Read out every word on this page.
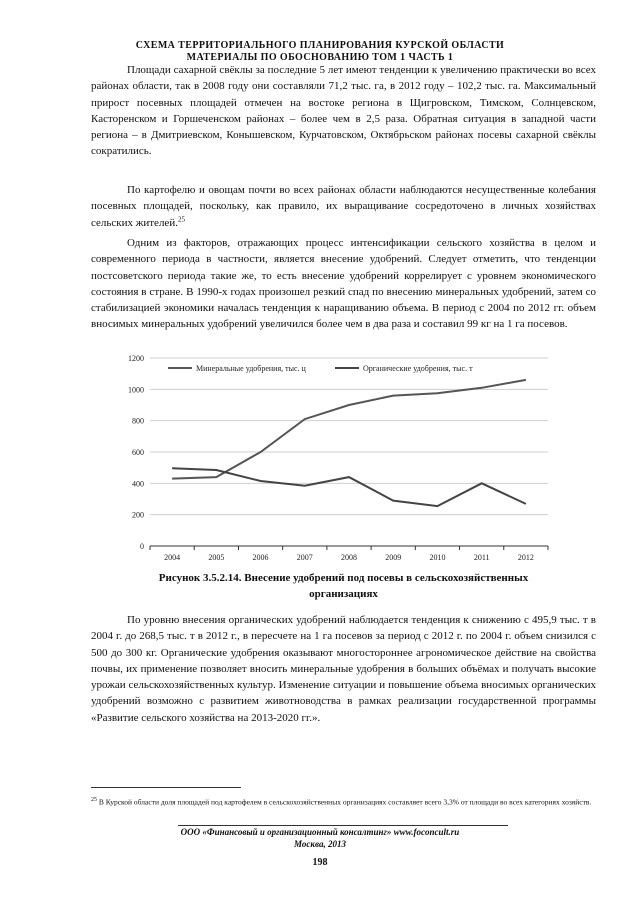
СХЕМА ТЕРРИТОРИАЛЬНОГО ПЛАНИРОВАНИЯ КУРСКОЙ ОБЛАСТИ
МАТЕРИАЛЫ ПО ОБОСНОВАНИЮ ТОМ 1 ЧАСТЬ 1

Площади сахарной свёклы за последние 5 лет имеют тенденции к увеличению практически во всех районах области, так в 2008 году они составляли 71,2 тыс. га, в 2012 году – 102,2 тыс. га. Максимальный прирост посевных площадей отмечен на востоке региона в Щигровском, Тимском, Солнцевском, Касторенском и Горшеченском районах – более чем в 2,5 раза. Обратная ситуация в западной части региона – в Дмитриевском, Конышевском, Курчатовском, Октябрьском районах посевы сахарной свёклы сократились.

По картофелю и овощам почти во всех районах области наблюдаются несущественные колебания посевных площадей, поскольку, как правило, их выращивание сосредоточено в личных хозяйствах сельских жителей.$^{25}$

Одним из факторов, отражающих процесс интенсификации сельского хозяйства в целом и современного периода в частности, является внесение удобрений. Следует отметить, что тенденции постсоветского периода такие же, то есть внесение удобрений коррелирует с уровнем экономического состояния в стране. В 1990-х годах произошел резкий спад по внесению минеральных удобрений, затем со стабилизацией экономики началась тенденция к наращиванию объема. В период с 2004 по 2012 гг. объем вносимых минеральных удобрений увеличился более чем в два раза и составил 99 кг на 1 га посевов.

0
200
400
600
800
1000
1200
2004	2005	2006	2007	2008	2009	2010	2011	2012
Минеральные удобрения, тыс. ц	Органические удобрения, тыс. т
Рисунок 3.5.2.14. Внесение удобрений под посевы в сельскохозяйственных
организациях

По уровню внесения органических удобрений наблюдается тенденция к снижению с 495,9 тыс. т в 2004 г. до 268,5 тыс. т в 2012 г., в пересчете на 1 га посевов за период с 2012 г. по 2004 г. объем снизился с 500 до 300 кг. Органические удобрения оказывают многостороннее агрономическое действие на свойства почвы, их применение позволяет вносить минеральные удобрения в больших объёмах и получать высокие урожаи сельскохозяйственных культур. Изменение ситуации и повышение объема вносимых органических удобрений возможно с развитием животноводства в рамках реализации государственной программы «Развитие сельского хозяйства на 2013-2020 гг.».

$^{25}$ В Курской области доля площадей под картофелем в сельскохозяйственных организациях составляет всего 3,3% от площади во всех категориях хозяйств.
ООО «Финансовый и организационный консалтинг» www.foconcult.ru
Москва, 2013
198
